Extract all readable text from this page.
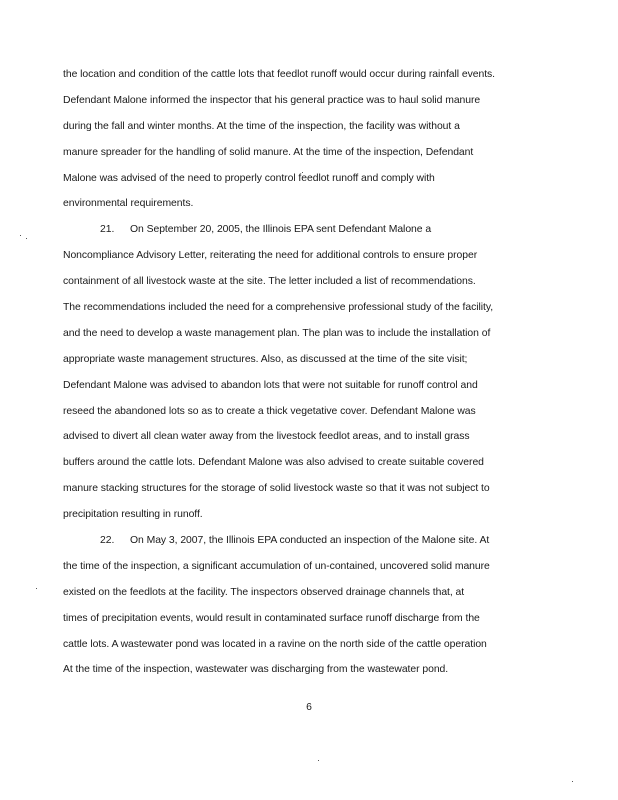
the location and condition of the cattle lots that feedlot runoff would occur during rainfall events.
Defendant Malone informed the inspector that his general practice was to haul solid manure
during the fall and winter months. At the time of the inspection, the facility was without a
manure spreader for the handling of solid manure. At the time of the inspection, Defendant
Malone was advised of the need to properly control feedlot runoff and comply with
environmental requirements.
21. On September 20, 2005, the Illinois EPA sent Defendant Malone a
Noncompliance Advisory Letter, reiterating the need for additional controls to ensure proper
containment of all livestock waste at the site. The letter included a list of recommendations.
The recommendations included the need for a comprehensive professional study of the facility,
and the need to develop a waste management plan. The plan was to include the installation of
appropriate waste management structures. Also, as discussed at the time of the site visit;
Defendant Malone was advised to abandon lots that were not suitable for runoff control and
reseed the abandoned lots so as to create a thick vegetative cover. Defendant Malone was
advised to divert all clean water away from the livestock feedlot areas, and to install grass
buffers around the cattle lots. Defendant Malone was also advised to create suitable covered
manure stacking structures for the storage of solid livestock waste so that it was not subject to
precipitation resulting in runoff.
22. On May 3, 2007, the Illinois EPA conducted an inspection of the Malone site. At
the time of the inspection, a significant accumulation of un-contained, uncovered solid manure
existed on the feedlots at the facility. The inspectors observed drainage channels that, at
times of precipitation events, would result in contaminated surface runoff discharge from the
cattle lots. A wastewater pond was located in a ravine on the north side of the cattle operation
At the time of the inspection, wastewater was discharging from the wastewater pond.
6
